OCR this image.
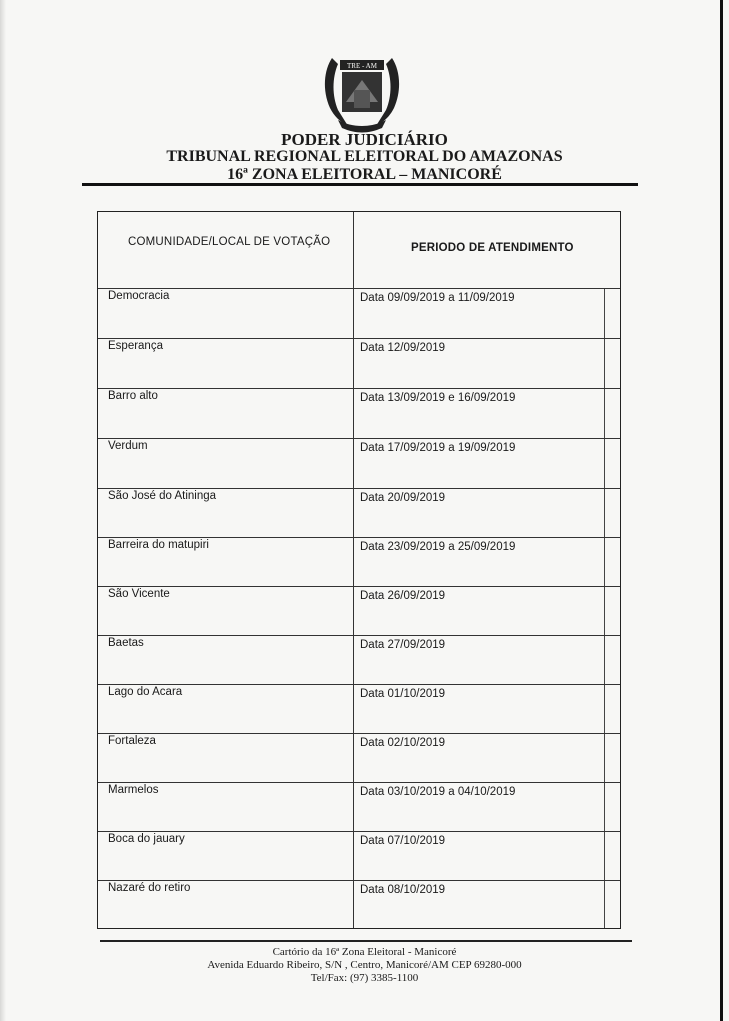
TRE - AM
PODER JUDICIÁRIO
TRIBUNAL REGIONAL ELEITORAL DO AMAZONAS
16ª ZONA ELEITORAL – MANICORÉ
COMUNIDADE/LOCAL DE VOTAÇÃO	PERIODO DE ATENDIMENTO
Democracia	Data 09/09/2019 a 11/09/2019
Esperança	Data 12/09/2019
Barro alto	Data 13/09/2019 e 16/09/2019
Verdum	Data 17/09/2019 a 19/09/2019
São José do Atininga	Data 20/09/2019
Barreira do matupiri	Data 23/09/2019 a 25/09/2019
São Vicente	Data 26/09/2019
Baetas	Data 27/09/2019
Lago do Acara	Data 01/10/2019
Fortaleza	Data 02/10/2019
Marmelos	Data 03/10/2019 a 04/10/2019
Boca do jauary	Data 07/10/2019
Nazaré do retiro	Data 08/10/2019
Cartório da 16ª Zona Eleitoral - Manicoré
Avenida Eduardo Ribeiro, S/N , Centro, Manicoré/AM CEP 69280-000
Tel/Fax: (97) 3385-1100
